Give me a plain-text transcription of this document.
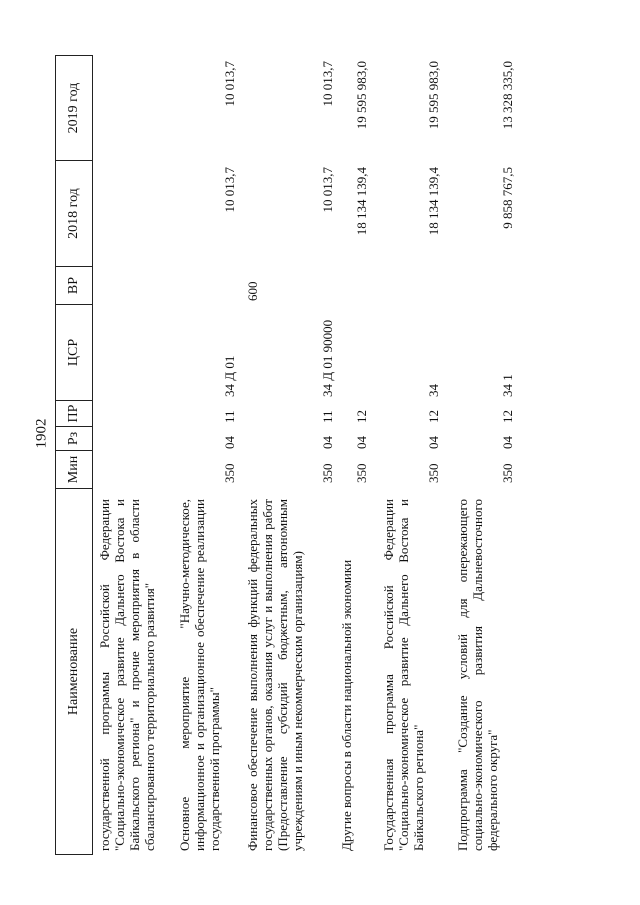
1902
Наименование
Мин
Рз
ПР
ЦСР
ВР
2018 год
2019 год
государственной программы Российской Федерации "Социально-экономическое развитие Дальнего Востока и Байкальского региона" и прочие мероприятия в области сбалансированного территориального развития" Основное мероприятие "Научно-методическое, информационное и организационное обеспечение реализации государственной программы"
350
04
11
34 Д 01
10 013,7
10 013,7
Финансовое обеспечение выполнения функций федеральных государственных органов, оказания услуг и выполнения работ (Предоставление субсидий бюджетным, автономным учреждениям и иным некоммерческим организациям)
350
04
11
34 Д 01 90000
600
10 013,7
10 013,7
Другие вопросы в области национальной экономики
350
04
12
18 134 139,4
19 595 983,0
Государственная программа Российской Федерации "Социально-экономическое развитие Дальнего Востока и Байкальского региона"
350
04
12
34
18 134 139,4
19 595 983,0
Подпрограмма "Создание условий для опережающего социально-экономического развития Дальневосточного федерального округа"
350
04
12
34 1
9 858 767,5
13 328 335,0
